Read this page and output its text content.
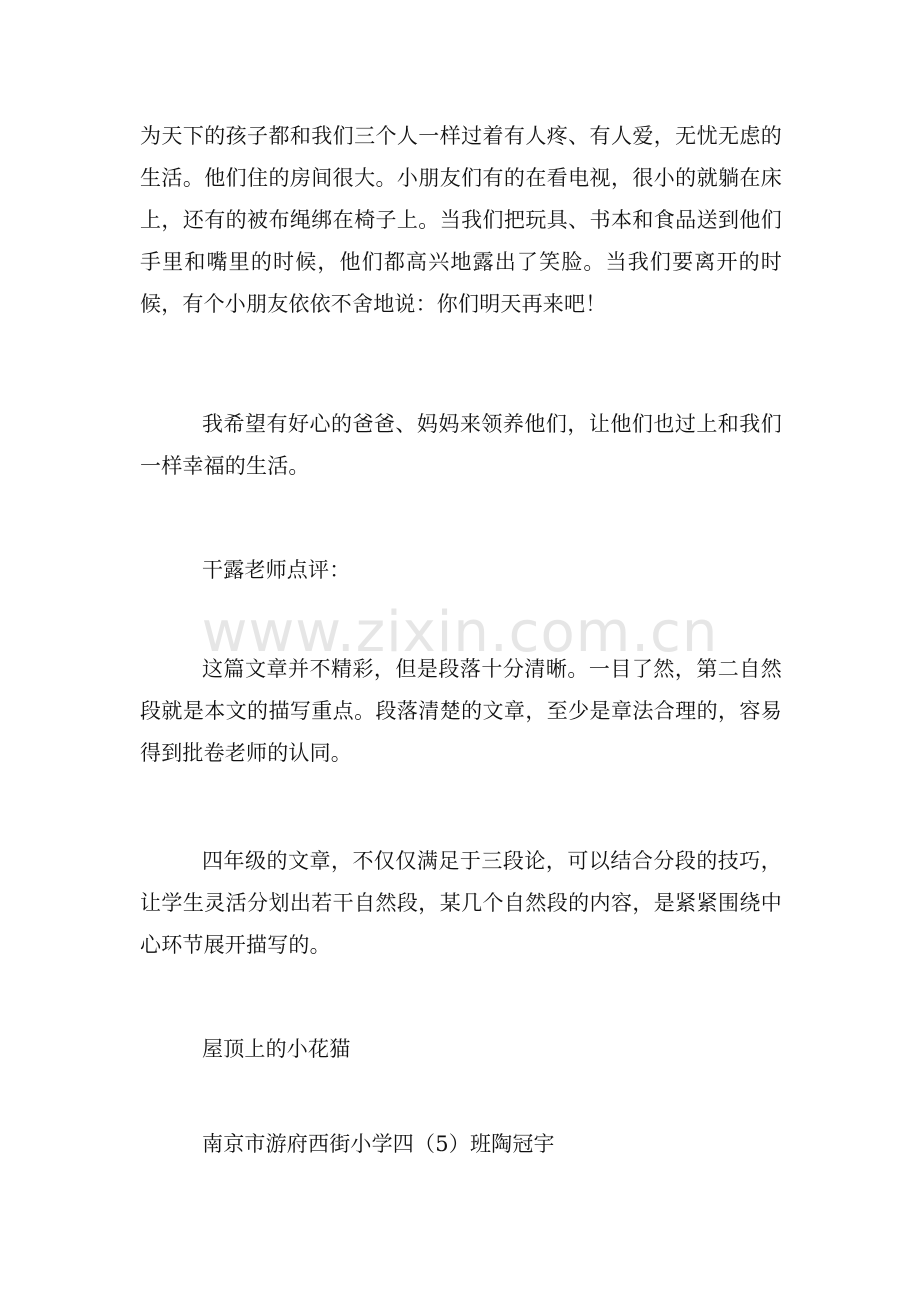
为天下的孩子都和我们三个人一样过着有人疼、有人爱，无忧无虑的生活。他们住的房间很大。小朋友们有的在看电视，很小的就躺在床上，还有的被布绳绑在椅子上。当我们把玩具、书本和食品送到他们手里和嘴里的时候，他们都高兴地露出了笑脸。当我们要离开的时候，有个小朋友依依不舍地说：你们明天再来吧！

我希望有好心的爸爸、妈妈来领养他们，让他们也过上和我们一样幸福的生活。

干露老师点评：

这篇文章并不精彩，但是段落十分清晰。一目了然，第二自然段就是本文的描写重点。段落清楚的文章，至少是章法合理的，容易得到批卷老师的认同。

四年级的文章，不仅仅满足于三段论，可以结合分段的技巧，让学生灵活分划出若干自然段，某几个自然段的内容，是紧紧围绕中心环节展开描写的。

屋顶上的小花猫

南京市游府西街小学四（5）班陶冠宇

www.zixin.com.cn
